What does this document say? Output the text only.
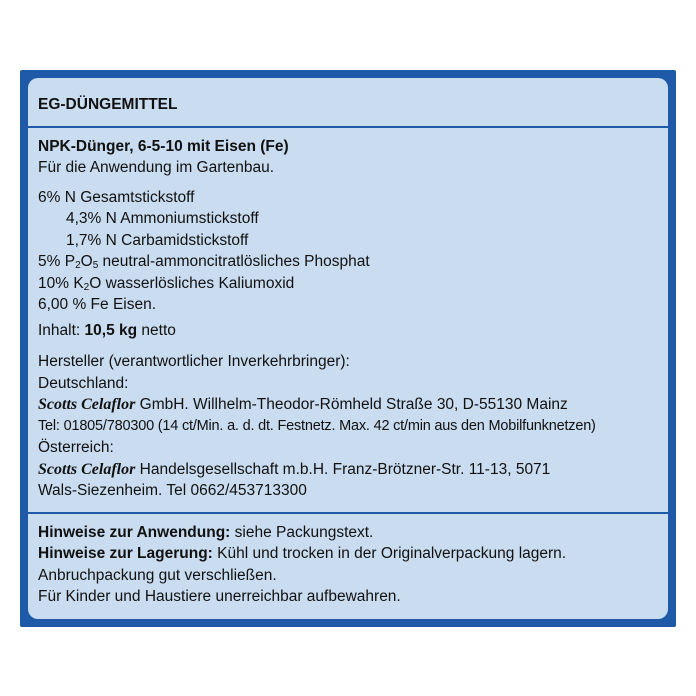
EG-DÜNGEMITTEL
NPK-Dünger, 6-5-10 mit Eisen (Fe)
Für die Anwendung im Gartenbau.
6% N Gesamtstickstoff
4,3% N Ammoniumstickstoff
1,7% N Carbamidstickstoff
5% $P_2O_5$ neutral-ammoncitratlösliches Phosphat
10% $K_2O$ wasserlösliches Kaliumoxid
6,00 % Fe Eisen.
Inhalt: 10,5 kg netto
Hersteller (verantwortlicher Inverkehrbringer):
Deutschland:
Scotts Celaflor GmbH. Willhelm-Theodor-Römheld Straße 30, D-55130 Mainz
Tel: 01805/780300 (14 ct/Min. a. d. dt. Festnetz. Max. 42 ct/min aus den Mobilfunknetzen)
Österreich:
Scotts Celaflor Handelsgesellschaft m.b.H. Franz-Brötzner-Str. 11-13, 5071
Wals-Siezenheim. Tel 0662/453713300
Hinweise zur Anwendung: siehe Packungstext.
Hinweise zur Lagerung: Kühl und trocken in der Originalverpackung lagern.
Anbruchpackung gut verschließen.
Für Kinder und Haustiere unerreichbar aufbewahren.
